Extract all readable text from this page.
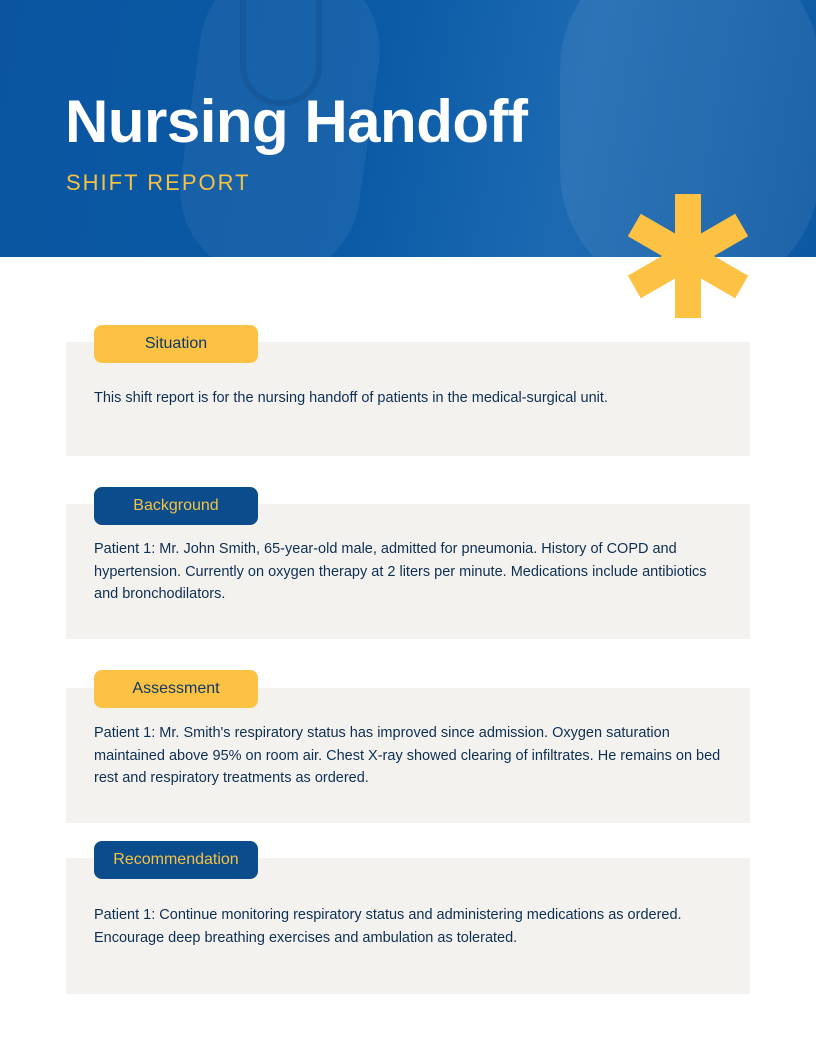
Nursing Handoff
SHIFT REPORT
Situation

This shift report is for the nursing handoff of patients in the medical-surgical unit.

Background

Patient 1: Mr. John Smith, 65-year-old male, admitted for pneumonia. History of COPD and hypertension. Currently on oxygen therapy at 2 liters per minute. Medications include antibiotics and bronchodilators.

Assessment

Patient 1: Mr. Smith's respiratory status has improved since admission. Oxygen saturation maintained above 95% on room air. Chest X-ray showed clearing of infiltrates. He remains on bed rest and respiratory treatments as ordered.

Recommendation

Patient 1: Continue monitoring respiratory status and administering medications as ordered. Encourage deep breathing exercises and ambulation as tolerated.
